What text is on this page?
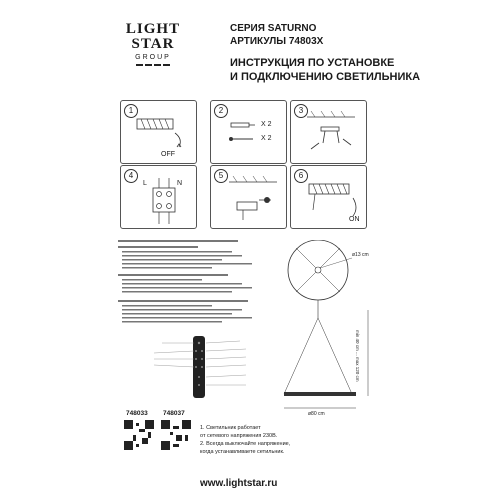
LIGHT
STAR
GROUP
СЕРИЯ SATURNO
АРТИКУЛЫ 74803X
ИНСТРУКЦИЯ ПО УСТАНОВКЕ
И ПОДКЛЮЧЕНИЮ СВЕТИЛЬНИКА
1
OFF
2
X 2
X 2
3
4
L	N
5	6
ON
ø13 cm
min 40 cm ... max 120 cm
ø80 cm
748033 748037
1. Светильник работает
от сетевого напряжения 230В.
2. Всегда выключайте напряжение,
когда устанавливаете сетильник.
www.lightstar.ru
